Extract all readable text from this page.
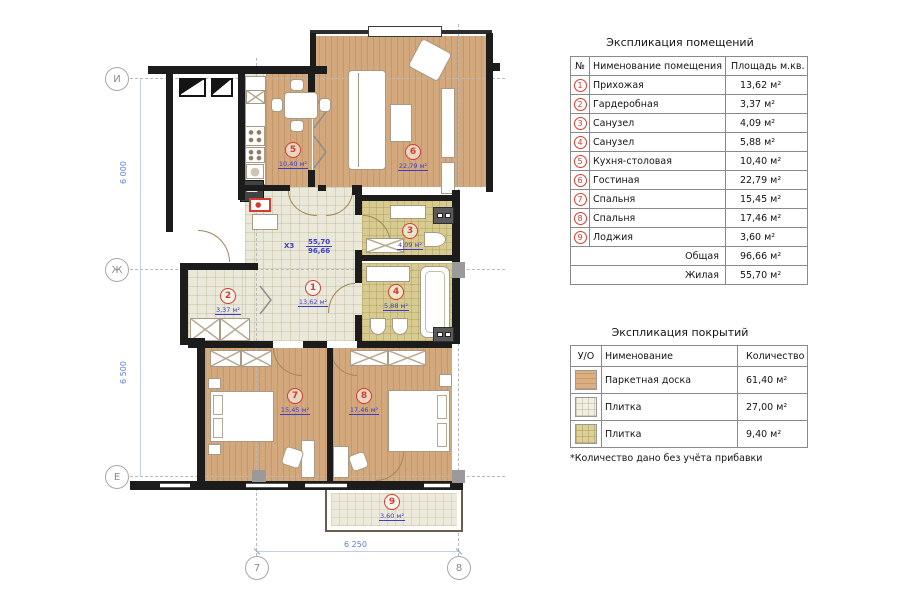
И
Ж
Е
7	8
6 000
6 500
6 250
1
13,62 м²
2
3,37 м²
3
4,09 м²
4
5,88 м²
5
10,40 м²
6
22,79 м²
7
15,45 м²
8
17,46 м²
9
3,60 м²
Х3 55,70
96,66
Экспликация помещений
№	Нименование помещения	Площадь м.кв.
1	Прихожая	13,62 м²
2	Гардеробная	3,37 м²
3	Санузел	4,09 м²
4	Санузел	5,88 м²
5	Кухня-столовая	10,40 м²
6	Гостиная	22,79 м²
7	Спальня	15,45 м²
8	Спальня	17,46 м²
9	Лоджия	3,60 м²
Общая		96,66 м²
Жилая		55,70 м²
Экспликация покрытий
У/О	Нименование	Количество
	Паркетная доска	61,40 м²
	Плитка	27,00 м²
	Плитка	9,40 м²
*Количество дано без учёта прибавки
